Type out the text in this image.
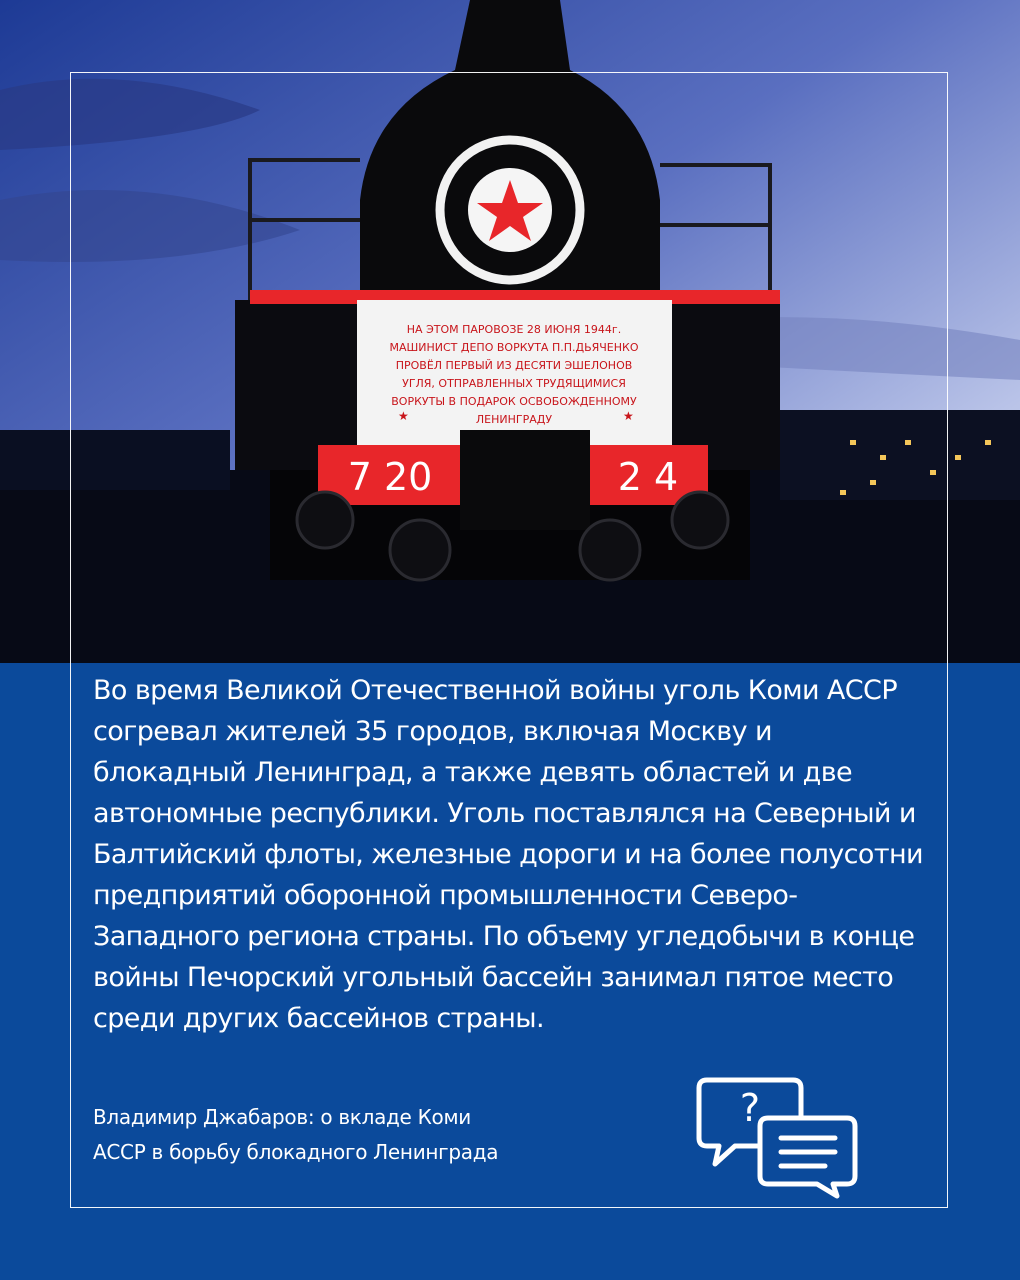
НА ЭТОМ ПАРОВОЗЕ 28 ИЮНЯ 1944г.
МАШИНИСТ ДЕПО ВОРКУТА П.П.ДЬЯЧЕНКО
ПРОВЁЛ ПЕРВЫЙ ИЗ ДЕСЯТИ ЭШЕЛОНОВ
УГЛЯ, ОТПРАВЛЕННЫХ ТРУДЯЩИМИСЯ
ВОРКУТЫ В ПОДАРОК ОСВОБОЖДЕННОМУ
ЛЕНИНГРАДУ
★	★
7 20	2 4

Во время Великой Отечественной войны уголь Коми АССР согревал жителей 35 городов, включая Москву и блокадный Ленинград, а также девять областей и две автономные республики. Уголь поставлялся на Северный и Балтийский флоты, железные дороги и на более полусотни предприятий оборонной промышленности Северо-Западного региона страны. По объему угледобычи в конце войны Печорский угольный бассейн занимал пятое место среди других бассейнов страны.

Владимир Джабаров: о вкладе Коми
АССР в борьбу блокадного Ленинграда
?
